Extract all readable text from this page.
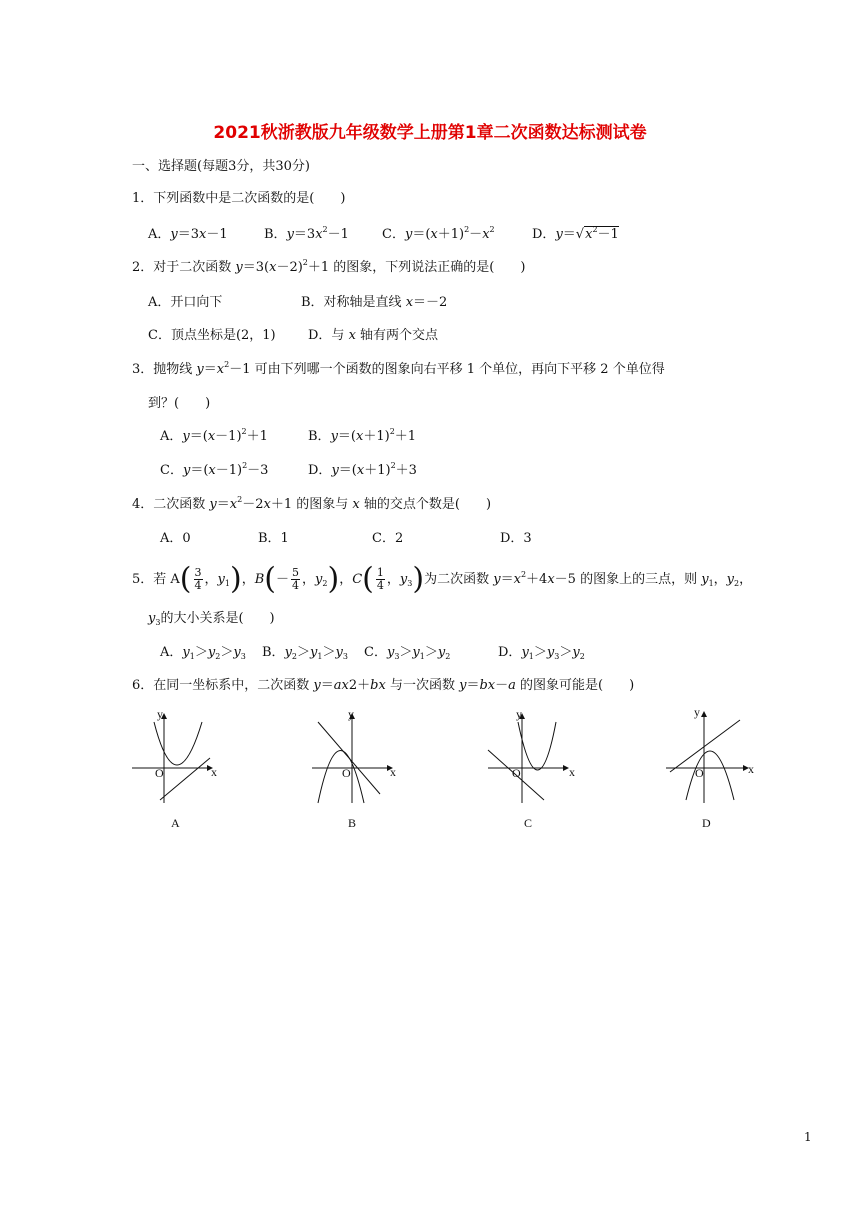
2021秋浙教版九年级数学上册第1章二次函数达标测试卷
一、选择题(每题3分，共30分)
1．下列函数中是二次函数的是(　　)
A．y＝3x－1	B．$y=3x^2-1$	C．$y=(x+1)^2-x^2$	D．$y=√x^2-1$
2．对于二次函数 $y=3(x-2)^2+1$ 的图象，下列说法正确的是(　　)
A．开口向下	B．对称轴是直线 x＝－2
C．顶点坐标是(2，1) D．与 x 轴有两个交点
3．抛物线 $y=x^2-1$ 可由下列哪一个函数的图象向右平移 1 个单位，再向下平移 2 个单位得
到？(　　)
A．$y=(x-1)^2+1$	B．$y=(x+1)^2+1$
C．$y=(x-1)^2-3$	D．$y=(x+1)^2+3$
4．二次函数 $y=x^2-2x+1$ 的图象与 x 轴的交点个数是(　　)
A．0	B．1	C．2	D．3
5．若 $A( \frac{3}{4}$ ，$y_1$)，$B(- \frac{5}{4}$ ，$y_2$)，$C( \frac{1}{4}$ ，$y_3$)为二次函数 $y=x^2+4x-5$ 的图象上的三点，则 $y_1$，$y_2$，
$y_3$的大小关系是(　　)
A．$y_1>y_2>y_3$ B．$y_2>y_1>y_3$ C．$y_3>y_1>y_2$	D．$y_1>y_3>y_2$
6．在同一坐标系中，二次函数 y＝ax2＋bx 与一次函数 y＝bx－a 的图象可能是(　　)
y
x
O
A
y
x
O
B
y
x
O
C
y
x
O
D
1
